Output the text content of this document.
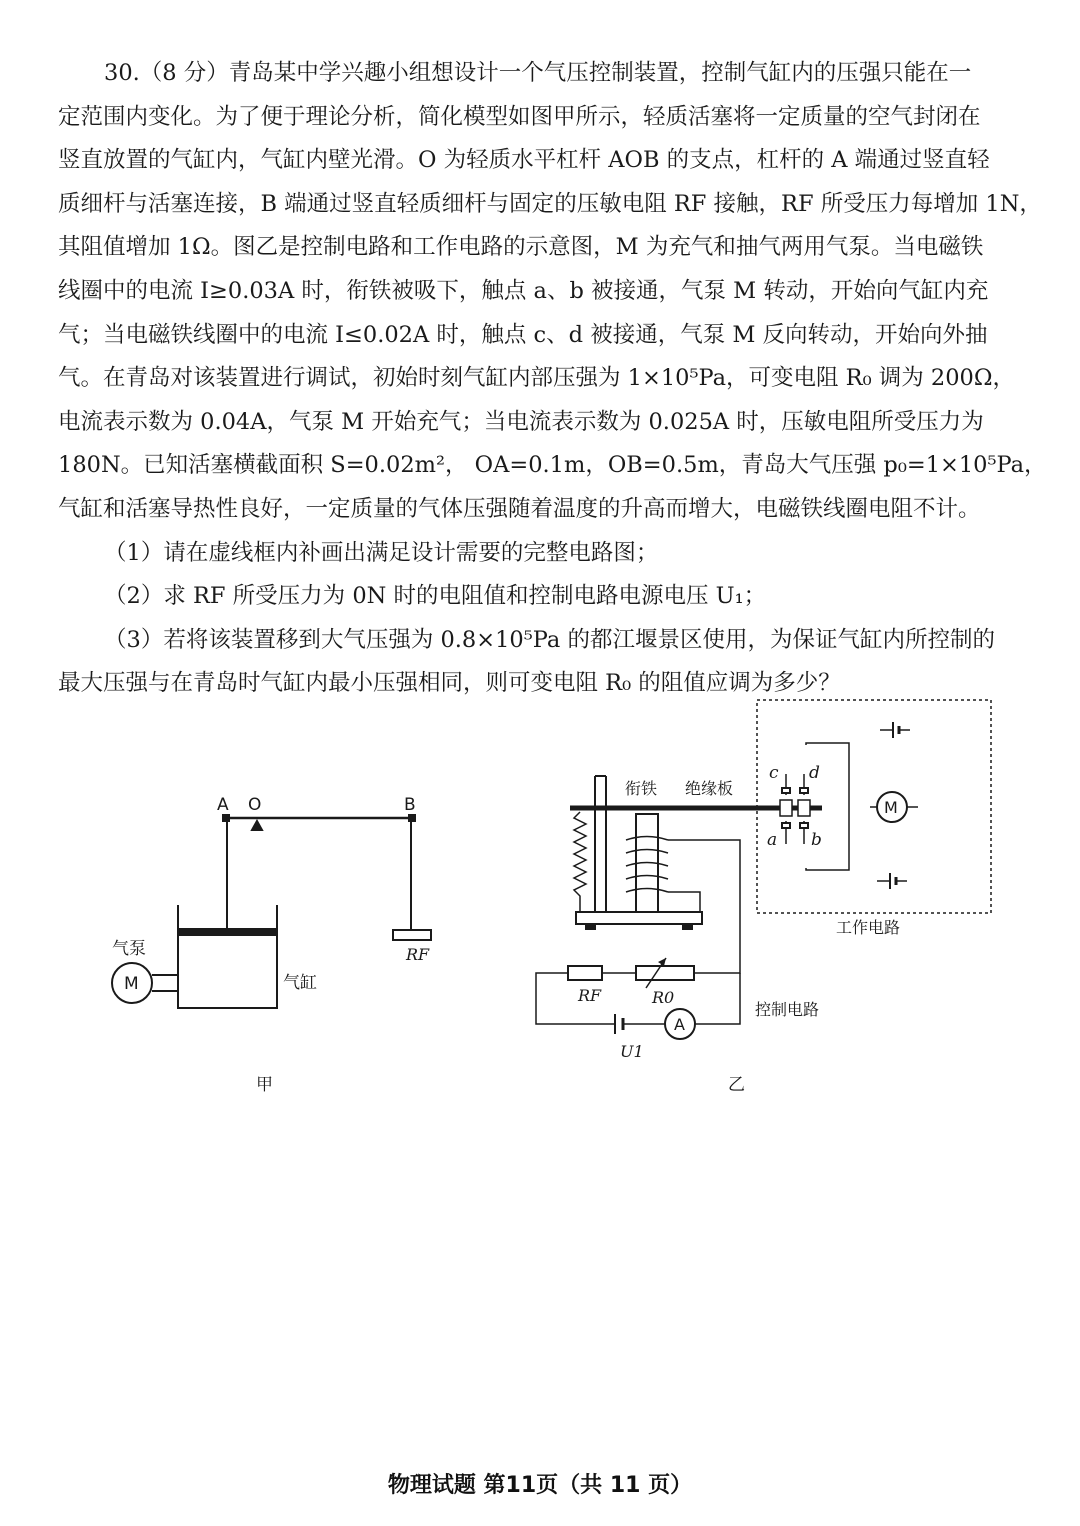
30.（8 分）青岛某中学兴趣小组想设计一个气压控制装置，控制气缸内的压强只能在一
定范围内变化。为了便于理论分析，简化模型如图甲所示，轻质活塞将一定质量的空气封闭在
竖直放置的气缸内，气缸内壁光滑。O 为轻质水平杠杆 AOB 的支点，杠杆的 A 端通过竖直轻
质细杆与活塞连接，B 端通过竖直轻质细杆与固定的压敏电阻 RF 接触，RF 所受压力每增加 1N，
其阻值增加 1Ω。图乙是控制电路和工作电路的示意图，M 为充气和抽气两用气泵。当电磁铁
线圈中的电流 I≥0.03A 时，衔铁被吸下，触点 a、b 被接通，气泵 M 转动，开始向气缸内充
气；当电磁铁线圈中的电流 I≤0.02A 时，触点 c、d 被接通，气泵 M 反向转动，开始向外抽
气。在青岛对该装置进行调试，初始时刻气缸内部压强为 1×10⁵Pa，可变电阻 R₀ 调为 200Ω，
电流表示数为 0.04A，气泵 M 开始充气；当电流表示数为 0.025A 时，压敏电阻所受压力为
180N。已知活塞横截面积 S=0.02m²， OA=0.1m，OB=0.5m，青岛大气压强 p₀=1×10⁵Pa，
气缸和活塞导热性良好，一定质量的气体压强随着温度的升高而增大，电磁铁线圈电阻不计。
（1）请在虚线框内补画出满足设计需要的完整电路图；
（2）求 RF 所受压力为 0N 时的电阻值和控制电路电源电压 U₁；
（3）若将该装置移到大气压强为 0.8×10⁵Pa 的都江堰景区使用，为保证气缸内所控制的
最大压强与在青岛时气缸内最小压强相同，则可变电阻 R₀ 的阻值应调为多少？
A O	B
气泵
M	气缸
RF
甲
衔铁 绝缘板
c d
a b
M
工作电路
RF	R0
A
U1
控制电路
乙
物理试题 第11页（共 11 页）
